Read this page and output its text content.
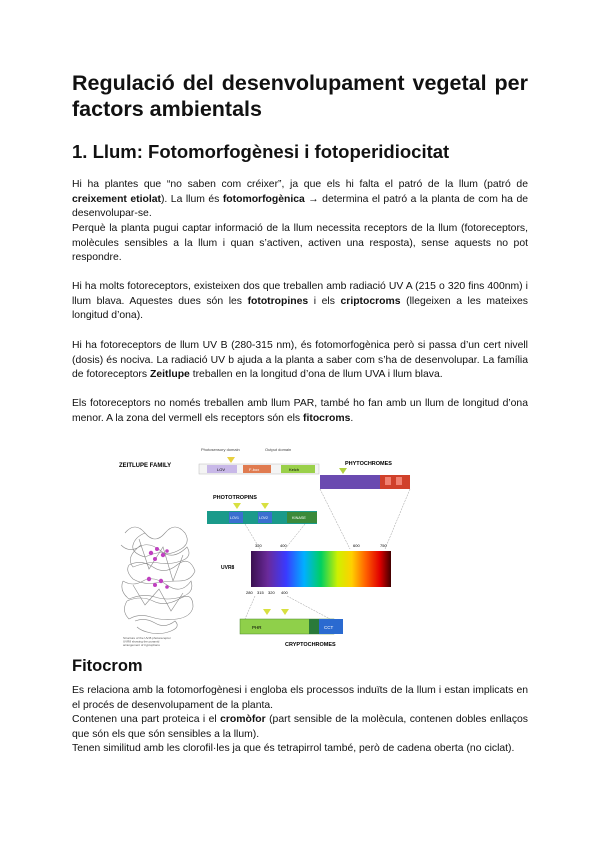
Regulació del desenvolupament vegetal per factors ambientals
1. Llum: Fotomorfogènesi i fotoperidiocitat

Hi ha plantes que “no saben com créixer”, ja que els hi falta el patró de la llum (patró de creixement etiolat). La llum és fotomorfogènica → determina el patró a la planta de com ha de desenvolupar-se.

Perquè la planta pugui captar informació de la llum necessita receptors de la llum (fotoreceptors, molècules sensibles a la llum i quan s’activen, activen una resposta), sense aquests no pot respondre.

Hi ha molts fotoreceptors, existeixen dos que treballen amb radiació UV A (215 o 320 fins 400nm) i llum blava. Aquestes dues són les fototropines i els criptocroms (llegeixen a les mateixes longitud d’ona).

Hi ha fotoreceptors de llum UV B (280-315 nm), és fotomorfogènica però si passa d’un cert nivell (dosis) és nociva. La radiació UV b ajuda a la planta a saber com s’ha de desenvolupar. La família de fotoreceptors Zeitlupe treballen en la longitud d’ona de llum UVA i llum blava.

Els fotoreceptors no només treballen amb llum PAR, també ho fan amb un llum de longitud d’ona menor. A la zona del vermell els receptors són els fitocroms.

ZEITLUPE FAMILY
Photosensory domain	Output domain
LOV	F-box	Kelch
PHYTOCHROMES
PHOTOTROPINS
LOV1	LOV2	KINASE
320	400	600	750
UVR8
Structure of the UV-B photoreceptor UVR8 showing the pyramid arrangement of tryptophans
280 315 320 400
PHR	CCT
CRYPTOCHROMES
Fitocrom

Es relaciona amb la fotomorfogènesi i engloba els processos induïts de la llum i estan implicats en el procés de desenvolupament de la planta.

Contenen una part proteica i el cromòfor (part sensible de la molècula, contenen dobles enllaços que són els que són sensibles a la llum).

Tenen similitud amb les clorofil·les ja que és tetrapirrol també, però de cadena oberta (no ciclat).
